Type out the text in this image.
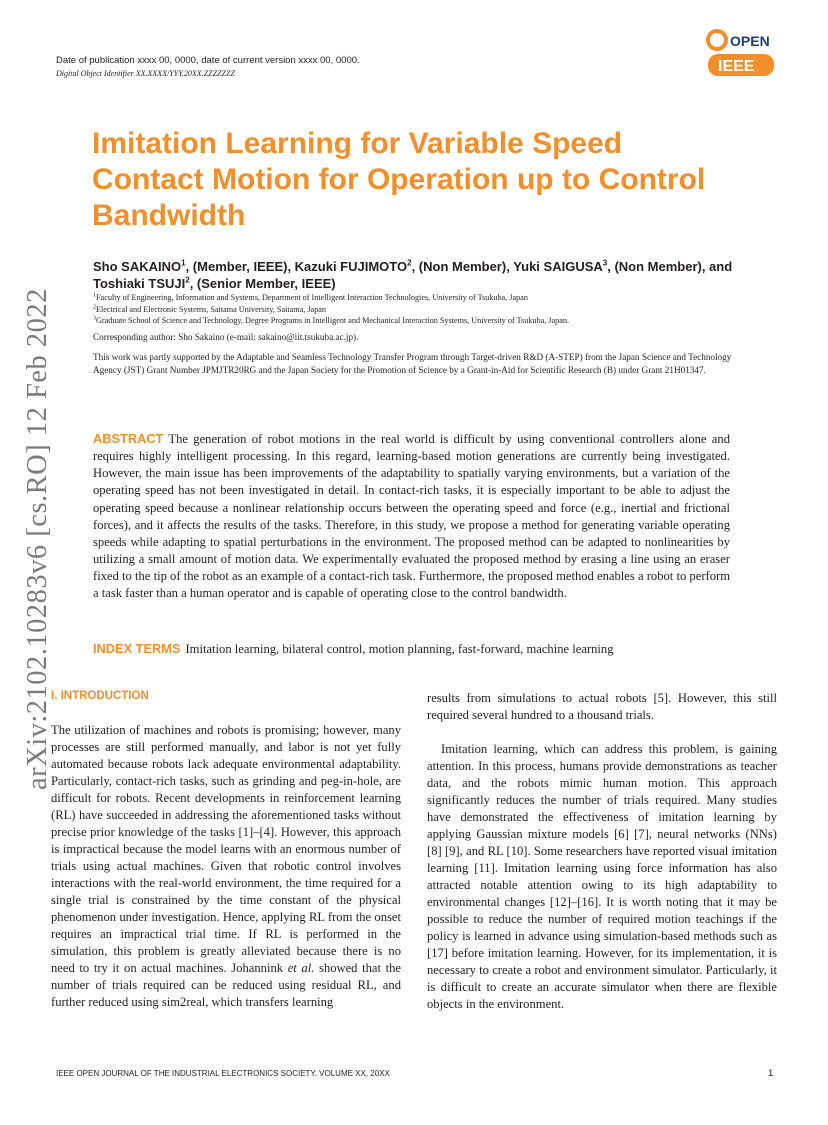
Date of publication xxxx 00, 0000, date of current version xxxx 00, 0000.
Digital Object Identifier XX.XXXX/YYY.20XX.ZZZZZZZ
OPEN
IEEE
arXiv:2102.10283v6 [cs.RO] 12 Feb 2022
Imitation Learning for Variable Speed Contact Motion for Operation up to Control Bandwidth
Sho SAKAINO$^1$, (Member, IEEE), Kazuki FUJIMOTO$^2$, (Non Member), Yuki SAIGUSA$^3$, (Non Member), and Toshiaki TSUJI$^2$, (Senior Member, IEEE)
$^1$Faculty of Engineering, Information and Systems, Department of Intelligent Interaction Technologies, University of Tsukuba, Japan
$^2$Electrical and Electronic Systems, Saitama University, Saitama, Japan
$^3$Graduate School of Science and Technology, Degree Programs in Intelligent and Mechanical Interaction Systems, University of Tsukuba, Japan.
Corresponding author: Sho Sakaino (e-mail: sakaino@iit.tsukuba.ac.jp).
This work was partly supported by the Adaptable and Seamless Technology Transfer Program through Target-driven R&D (A-STEP) from the Japan Science and Technology Agency (JST) Grant Number JPMJTR20RG and the Japan Society for the Promotion of Science by a Grant-in-Aid for Scientific Research (B) under Grant 21H01347.

ABSTRACT The generation of robot motions in the real world is difficult by using conventional controllers alone and requires highly intelligent processing. In this regard, learning-based motion generations are currently being investigated. However, the main issue has been improvements of the adaptability to spatially varying environments, but a variation of the operating speed has not been investigated in detail. In contact-rich tasks, it is especially important to be able to adjust the operating speed because a nonlinear relationship occurs between the operating speed and force (e.g., inertial and frictional forces), and it affects the results of the tasks. Therefore, in this study, we propose a method for generating variable operating speeds while adapting to spatial perturbations in the environment. The proposed method can be adapted to nonlinearities by utilizing a small amount of motion data. We experimentally evaluated the proposed method by erasing a line using an eraser fixed to the tip of the robot as an example of a contact-rich task. Furthermore, the proposed method enables a robot to perform a task faster than a human operator and is capable of operating close to the control bandwidth.

INDEX TERMS Imitation learning, bilateral control, motion planning, fast-forward, machine learning
I. INTRODUCTION

The utilization of machines and robots is promising; however, many processes are still performed manually, and labor is not yet fully automated because robots lack adequate environmental adaptability. Particularly, contact-rich tasks, such as grinding and peg-in-hole, are difficult for robots. Recent developments in reinforcement learning (RL) have succeeded in addressing the aforementioned tasks without precise prior knowledge of the tasks [1]–[4]. However, this approach is impractical because the model learns with an enormous number of trials using actual machines. Given that robotic control involves interactions with the real-world environment, the time required for a single trial is constrained by the time constant of the physical phenomenon under investigation. Hence, applying RL from the onset requires an impractical trial time. If RL is performed in the simulation, this problem is greatly alleviated because there is no need to try it on actual machines. Johannink et al. showed that the number of trials required can be reduced using residual RL, and further reduced using sim2real, which transfers learning

results from simulations to actual robots [5]. However, this still required several hundred to a thousand trials.

Imitation learning, which can address this problem, is gaining attention. In this process, humans provide demonstrations as teacher data, and the robots mimic human motion. This approach significantly reduces the number of trials required. Many studies have demonstrated the effectiveness of imitation learning by applying Gaussian mixture models [6] [7], neural networks (NNs) [8] [9], and RL [10]. Some researchers have reported visual imitation learning [11]. Imitation learning using force information has also attracted notable attention owing to its high adaptability to environmental changes [12]–[16]. It is worth noting that it may be possible to reduce the number of required motion teachings if the policy is learned in advance using simulation-based methods such as [17] before imitation learning. However, for its implementation, it is necessary to create a robot and environment simulator. Particularly, it is difficult to create an accurate simulator when there are flexible objects in the environment.

IEEE OPEN JOURNAL OF THE INDUSTRIAL ELECTRONICS SOCIETY. VOLUME XX, 20XX	1
